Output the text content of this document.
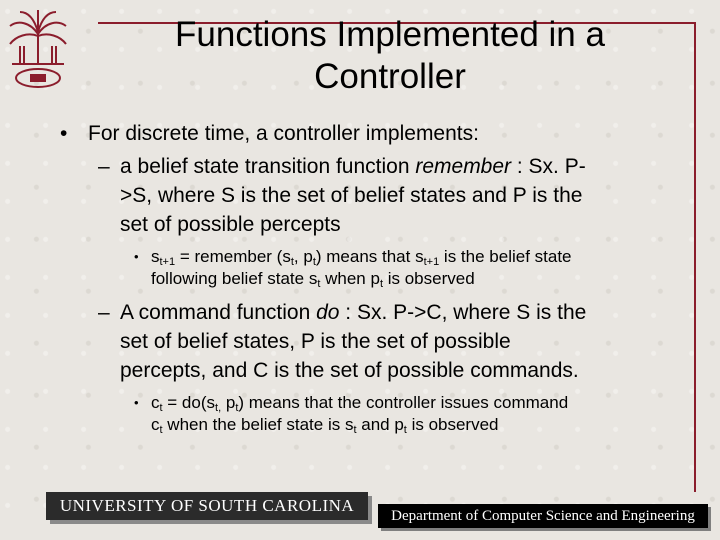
Functions Implemented in a
Controller
• For discrete time, a controller implements:
– a belief state transition function remember : Sx. P-
>S, where S is the set of belief states and P is the
set of possible percepts
• $s_{t+1}$ = remember ($s_t$, $p_t$) means that $s_{t+1}$ is the belief state
following belief state $s_t$ when $p_t$ is observed
– A command function do : Sx. P->C, where S is the
set of belief states, P is the set of possible
percepts, and C is the set of possible commands.
• $c_t = do(s_{t,}$ $p_t$) means that the controller issues command
$c_t$ when the belief state is $s_t$ and $p_t$ is observed
UNIVERSITY OF SOUTH CAROLINA
Department of Computer Science and Engineering
